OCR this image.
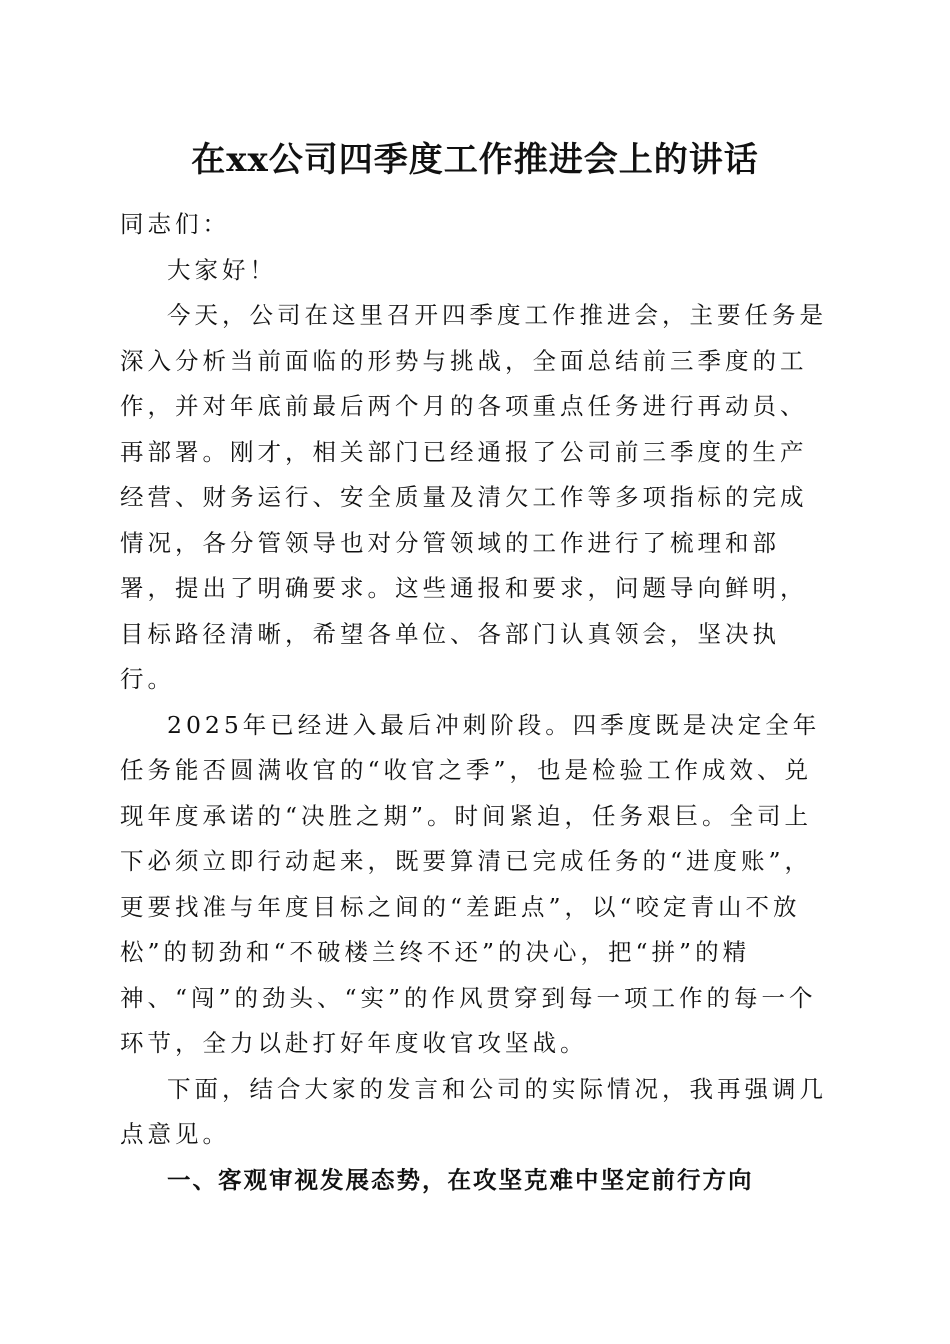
在xx公司四季度工作推进会上的讲话

同志们：

大家好！

今天，公司在这里召开四季度工作推进会，主要任务是深入分析当前面临的形势与挑战，全面总结前三季度的工作，并对年底前最后两个月的各项重点任务进行再动员、再部署。刚才，相关部门已经通报了公司前三季度的生产经营、财务运行、安全质量及清欠工作等多项指标的完成情况，各分管领导也对分管领域的工作进行了梳理和部署，提出了明确要求。这些通报和要求，问题导向鲜明，目标路径清晰，希望各单位、各部门认真领会，坚决执行。

2025年已经进入最后冲刺阶段。四季度既是决定全年任务能否圆满收官的“收官之季”，也是检验工作成效、兑现年度承诺的“决胜之期”。时间紧迫，任务艰巨。全司上下必须立即行动起来，既要算清已完成任务的“进度账”，更要找准与年度目标之间的“差距点”，以“咬定青山不放松”的韧劲和“不破楼兰终不还”的决心，把“拼”的精神、“闯”的劲头、“实”的作风贯穿到每一项工作的每一个环节，全力以赴打好年度收官攻坚战。

下面，结合大家的发言和公司的实际情况，我再强调几点意见。

一、客观审视发展态势，在攻坚克难中坚定前行方向
